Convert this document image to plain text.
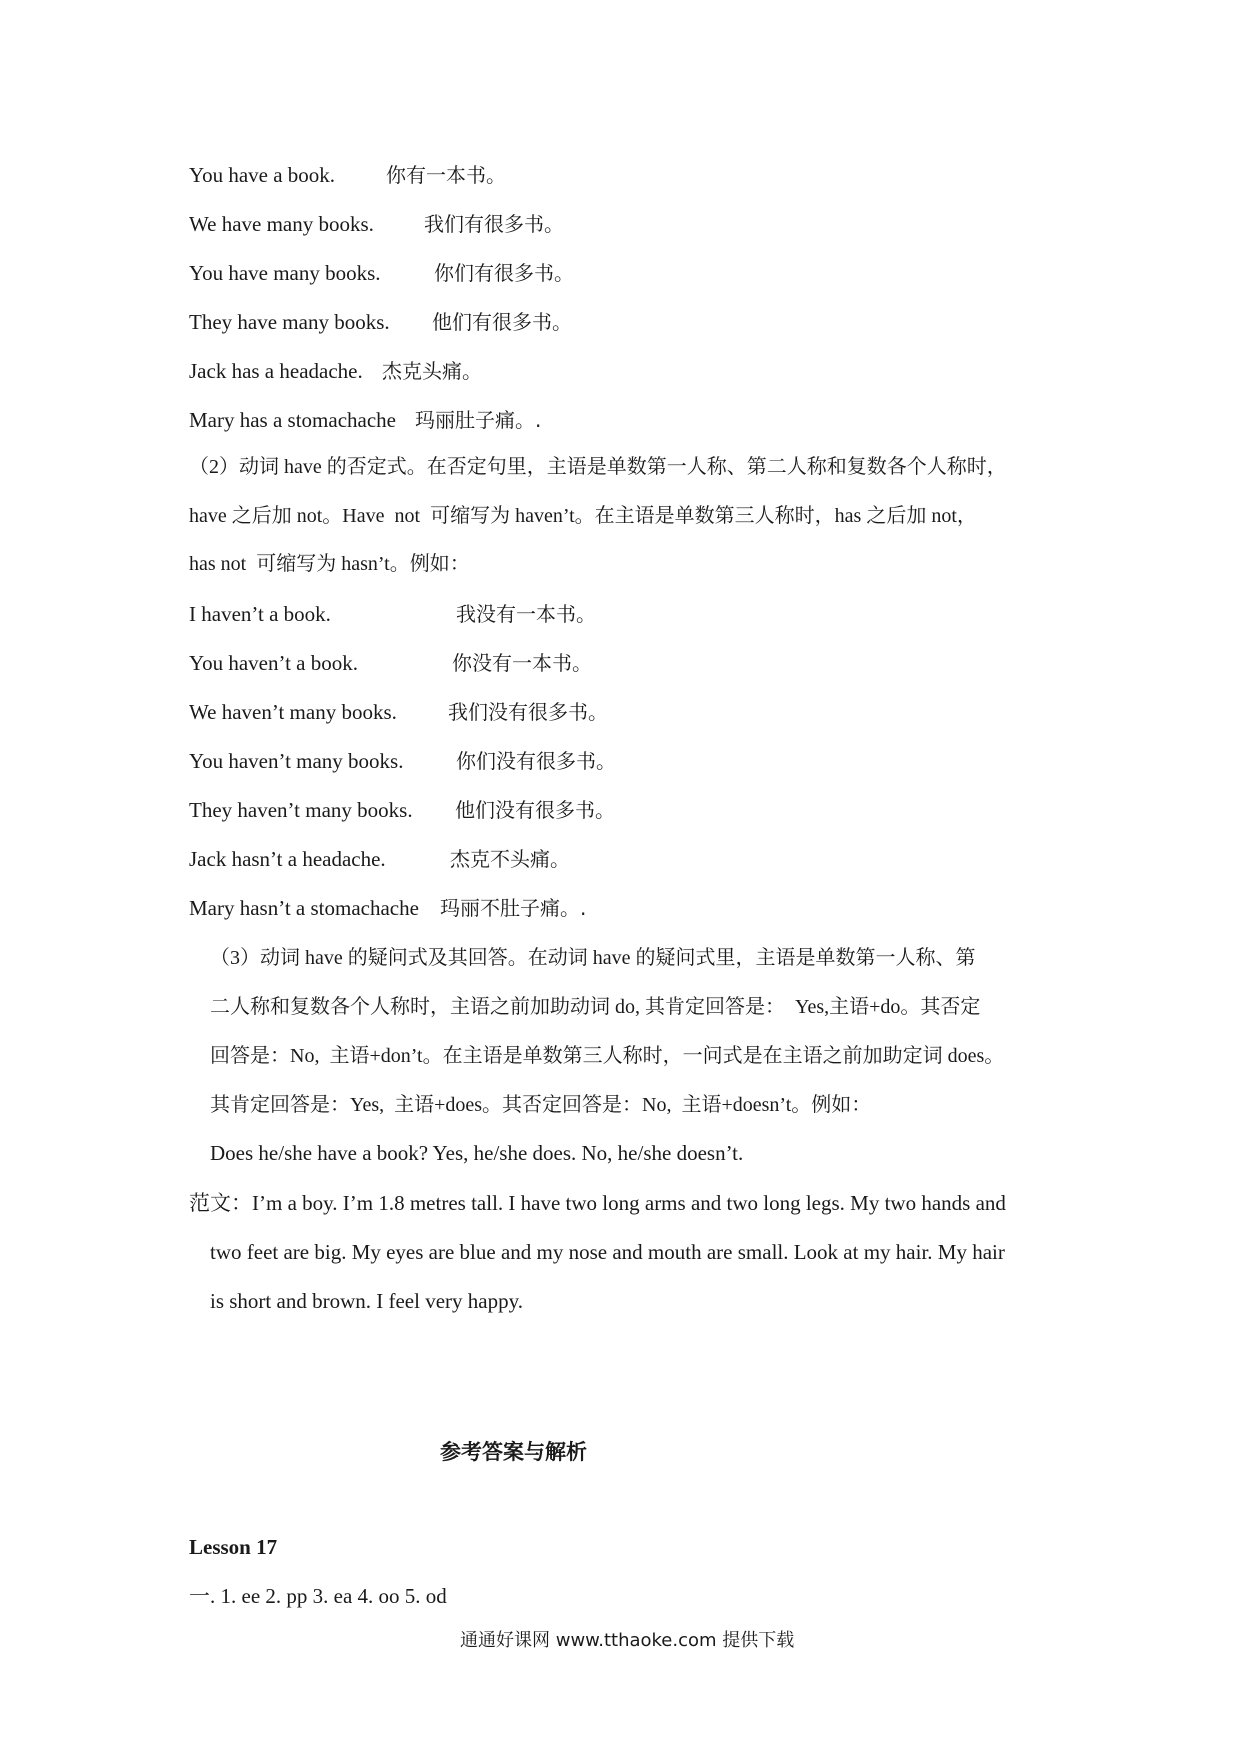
You have a book.	你有一本书。
We have many books.	我们有很多书。
You have many books.	你们有很多书。
They have many books. 他们有很多书。
Jack has a headache. 杰克头痛。
Mary has a stomachache 玛丽肚子痛。.
（2）动词 have 的否定式。在否定句里，主语是单数第一人称、第二人称和复数各个人称时，
have 之后加 not。Have  not  可缩写为 haven’t。在主语是单数第三人称时，has 之后加 not，
has not  可缩写为 hasn’t。例如：
I haven’t a book.	我没有一本书。
You haven’t a book.	你没有一本书。
We haven’t many books.	我们没有很多书。
You haven’t many books.	你们没有很多书。
They haven’t many books. 他们没有很多书。
Jack hasn’t a headache.	杰克不头痛。
Mary hasn’t a stomachache 玛丽不肚子痛。.
（3）动词 have 的疑问式及其回答。在动词 have 的疑问式里，主语是单数第一人称、第
二人称和复数各个人称时，主语之前加助动词 do, 其肯定回答是：  Yes,主语+do。其否定
回答是：No,  主语+don’t。在主语是单数第三人称时，一问式是在主语之前加助定词 does。
其肯定回答是：Yes,  主语+does。其否定回答是：No,  主语+doesn’t。例如：
Does he/she have a book? Yes, he/she does. No, he/she doesn’t.
范文：I’m a boy. I’m 1.8 metres tall. I have two long arms and two long legs. My two hands and
two feet are big. My eyes are blue and my nose and mouth are small. Look at my hair. My hair
is short and brown. I feel very happy.
参考答案与解析
Lesson 17
一. 1. ee 2. pp 3. ea 4. oo 5. od
通通好课网 www.tthaoke.com 提供下载
